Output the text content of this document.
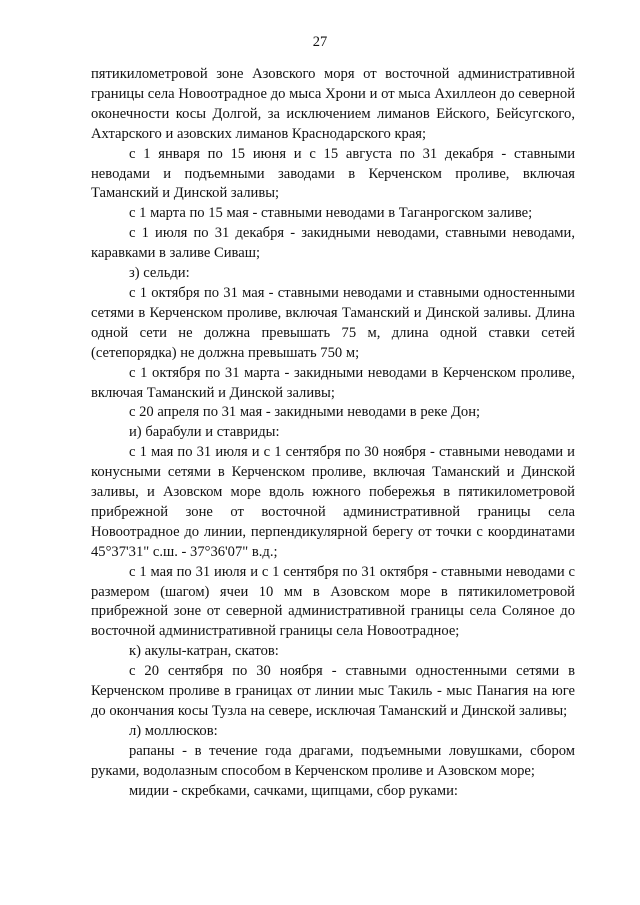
27

пятикилометровой зоне Азовского моря от восточной административной границы села Новоотрадное до мыса Хрони и от мыса Ахиллеон до северной оконечности косы Долгой, за исключением лиманов Ейского, Бейсугского, Ахтарского и азовских лиманов Краснодарского края;

с 1 января по 15 июня и с 15 августа по 31 декабря - ставными неводами и подъемными заводами в Керченском проливе, включая Таманский и Динской заливы;

с 1 марта по 15 мая - ставными неводами в Таганрогском заливе;

с 1 июля по 31 декабря - закидными неводами, ставными неводами, каравками в заливе Сиваш;

з) сельди:

с 1 октября по 31 мая - ставными неводами и ставными одностенными сетями в Керченском проливе, включая Таманский и Динской заливы. Длина одной сети не должна превышать 75 м, длина одной ставки сетей (сетепорядка) не должна превышать 750 м;

с 1 октября по 31 марта - закидными неводами в Керченском проливе, включая Таманский и Динской заливы;

с 20 апреля по 31 мая - закидными неводами в реке Дон;

и) барабули и ставриды:

с 1 мая по 31 июля и с 1 сентября по 30 ноября - ставными неводами и конусными сетями в Керченском проливе, включая Таманский и Динской заливы, и Азовском море вдоль южного побережья в пятикилометровой прибрежной зоне от восточной административной границы села Новоотрадное до линии, перпендикулярной берегу от точки с координатами 45°37'31" с.ш. - 37°36'07" в.д.;

с 1 мая по 31 июля и с 1 сентября по 31 октября - ставными неводами с размером (шагом) ячеи 10 мм в Азовском море в пятикилометровой прибрежной зоне от северной административной границы села Соляное до восточной административной границы села Новоотрадное;

к) акулы-катран, скатов:

с 20 сентября по 30 ноября - ставными одностенными сетями в Керченском проливе в границах от линии мыс Такиль - мыс Панагия на юге до окончания косы Тузла на севере, исключая Таманский и Динской заливы;

л) моллюсков:

рапаны - в течение года драгами, подъемными ловушками, сбором руками, водолазным способом в Керченском проливе и Азовском море;

мидии - скребками, сачками, щипцами, сбор руками:
